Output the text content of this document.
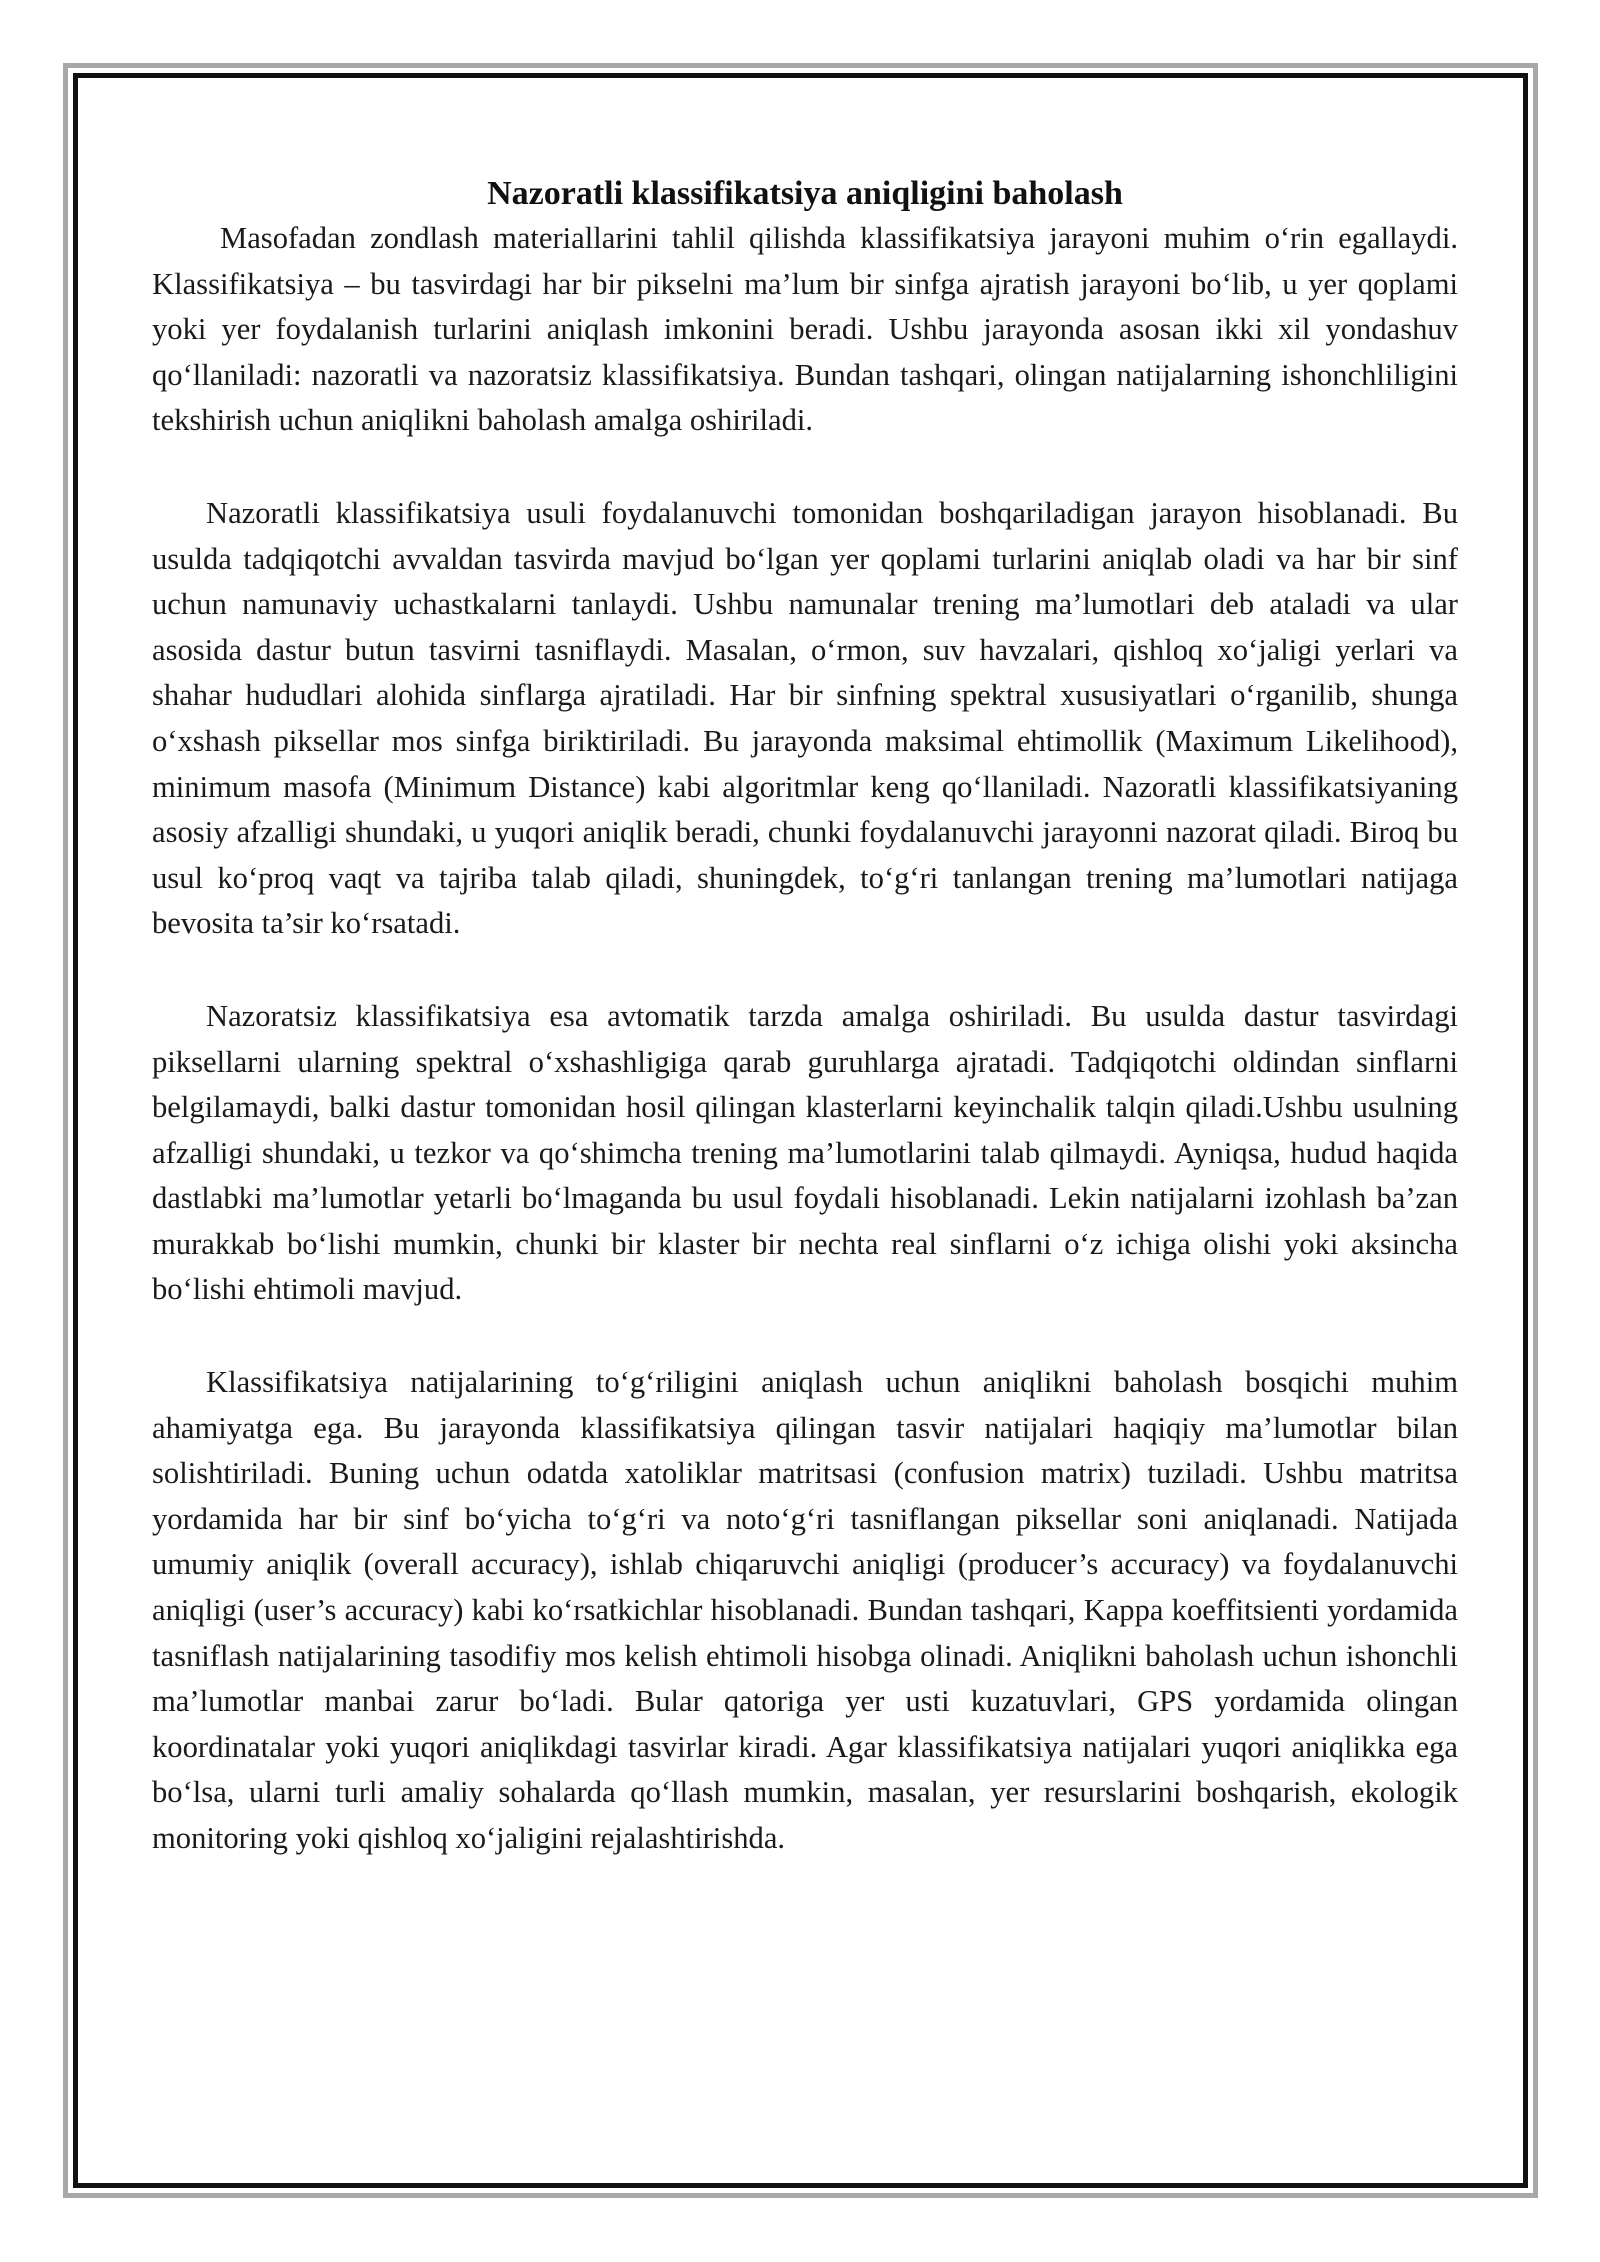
Nazoratli klassifikatsiya aniqligini baholash

Masofadan zondlash materiallarini tahlil qilishda klassifikatsiya jarayoni muhim o‘rin egallaydi. Klassifikatsiya – bu tasvirdagi har bir pikselni ma’lum bir sinfga ajratish jarayoni bo‘lib, u yer qoplami yoki yer foydalanish turlarini aniqlash imkonini beradi. Ushbu jarayonda asosan ikki xil yondashuv qo‘llaniladi: nazoratli va nazoratsiz klassifikatsiya. Bundan tashqari, olingan natijalarning ishonchliligini tekshirish uchun aniqlikni baholash amalga oshiriladi.

Nazoratli klassifikatsiya usuli foydalanuvchi tomonidan boshqariladigan jarayon hisoblanadi. Bu usulda tadqiqotchi avvaldan tasvirda mavjud bo‘lgan yer qoplami turlarini aniqlab oladi va har bir sinf uchun namunaviy uchastkalarni tanlaydi. Ushbu namunalar trening ma’lumotlari deb ataladi va ular asosida dastur butun tasvirni tasniflaydi. Masalan, o‘rmon, suv havzalari, qishloq xo‘jaligi yerlari va shahar hududlari alohida sinflarga ajratiladi. Har bir sinfning spektral xususiyatlari o‘rganilib, shunga o‘xshash piksellar mos sinfga biriktiriladi. Bu jarayonda maksimal ehtimollik (Maximum Likelihood), minimum masofa (Minimum Distance) kabi algoritmlar keng qo‘llaniladi. Nazoratli klassifikatsiyaning asosiy afzalligi shundaki, u yuqori aniqlik beradi, chunki foydalanuvchi jarayonni nazorat qiladi. Biroq bu usul ko‘proq vaqt va tajriba talab qiladi, shuningdek, to‘g‘ri tanlangan trening ma’lumotlari natijaga bevosita ta’sir ko‘rsatadi.

Nazoratsiz klassifikatsiya esa avtomatik tarzda amalga oshiriladi. Bu usulda dastur tasvirdagi piksellarni ularning spektral o‘xshashligiga qarab guruhlarga ajratadi. Tadqiqotchi oldindan sinflarni belgilamaydi, balki dastur tomonidan hosil qilingan klasterlarni keyinchalik talqin qiladi.Ushbu usulning afzalligi shundaki, u tezkor va qo‘shimcha trening ma’lumotlarini talab qilmaydi. Ayniqsa, hudud haqida dastlabki ma’lumotlar yetarli bo‘lmaganda bu usul foydali hisoblanadi. Lekin natijalarni izohlash ba’zan murakkab bo‘lishi mumkin, chunki bir klaster bir nechta real sinflarni o‘z ichiga olishi yoki aksincha bo‘lishi ehtimoli mavjud.

Klassifikatsiya natijalarining to‘g‘riligini aniqlash uchun aniqlikni baholash bosqichi muhim ahamiyatga ega. Bu jarayonda klassifikatsiya qilingan tasvir natijalari haqiqiy ma’lumotlar bilan solishtiriladi. Buning uchun odatda xatoliklar matritsasi (confusion matrix) tuziladi. Ushbu matritsa yordamida har bir sinf bo‘yicha to‘g‘ri va noto‘g‘ri tasniflangan piksellar soni aniqlanadi. Natijada umumiy aniqlik (overall accuracy), ishlab chiqaruvchi aniqligi (producer’s accuracy) va foydalanuvchi aniqligi (user’s accuracy) kabi ko‘rsatkichlar hisoblanadi. Bundan tashqari, Kappa koeffitsienti yordamida tasniflash natijalarining tasodifiy mos kelish ehtimoli hisobga olinadi. Aniqlikni baholash uchun ishonchli ma’lumotlar manbai zarur bo‘ladi. Bular qatoriga yer usti kuzatuvlari, GPS yordamida olingan koordinatalar yoki yuqori aniqlikdagi tasvirlar kiradi. Agar klassifikatsiya natijalari yuqori aniqlikka ega bo‘lsa, ularni turli amaliy sohalarda qo‘llash mumkin, masalan, yer resurslarini boshqarish, ekologik monitoring yoki qishloq xo‘jaligini rejalashtirishda.
